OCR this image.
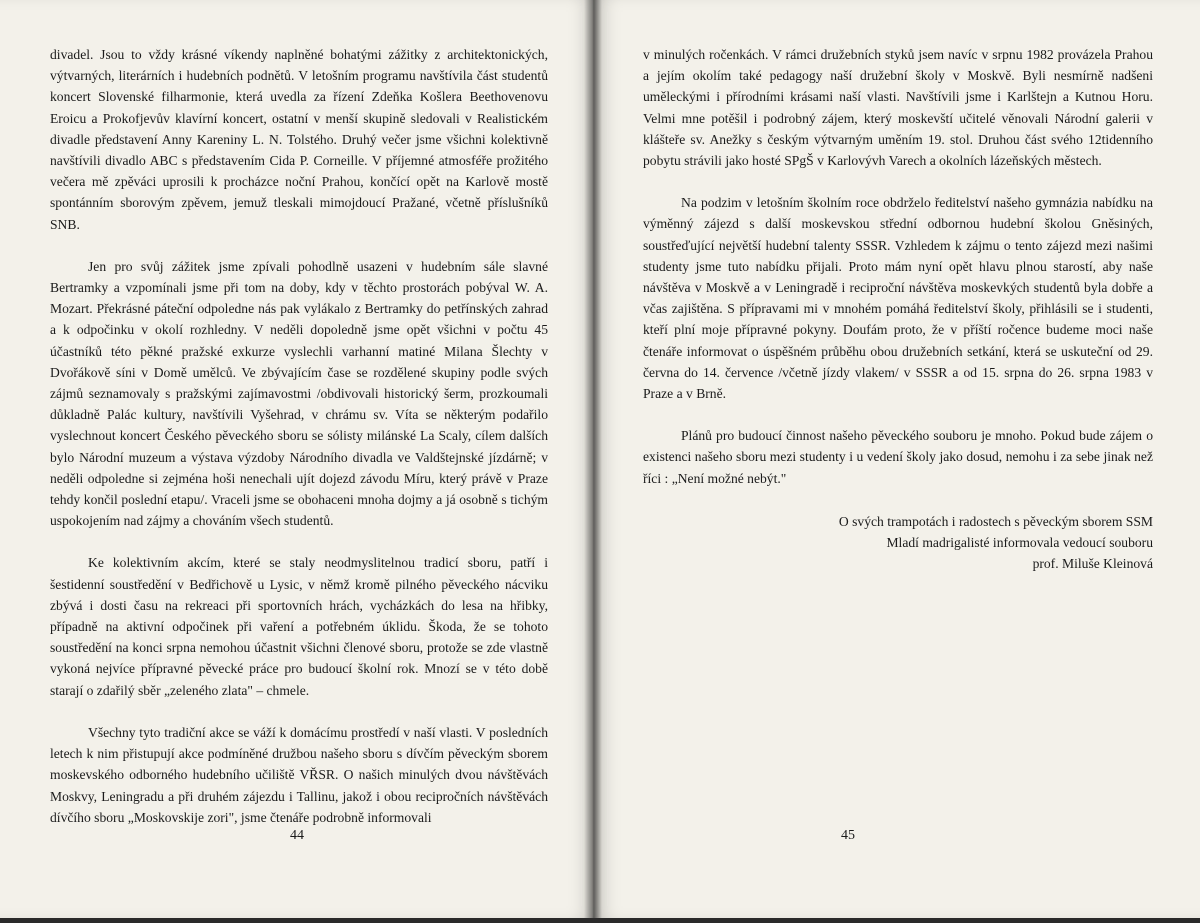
divadel. Jsou to vždy krásné víkendy naplněné bohatými zážitky z architektonických, výtvarných, literárních i hudebních podnětů. V letošním programu navštívila část studentů koncert Slovenské filharmonie, která uvedla za řízení Zdeňka Košlera Beethovenovu Eroicu a Prokofjevův klavírní koncert, ostatní v menší skupině sledovali v Realistickém divadle představení Anny Kareniny L. N. Tolstého. Druhý večer jsme všichni kolektivně navštívili divadlo ABC s představením Cida P. Corneille. V příjemné atmosféře prožitého večera mě zpěváci uprosili k procházce noční Prahou, končící opět na Karlově mostě spontánním sborovým zpěvem, jemuž tleskali mimojdoucí Pražané, včetně příslušníků SNB.

Jen pro svůj zážitek jsme zpívali pohodlně usazeni v hudebním sále slavné Bertramky a vzpomínali jsme při tom na doby, kdy v těchto prostorách pobýval W. A. Mozart. Překrásné páteční odpoledne nás pak vylákalo z Bertramky do petřínských zahrad a k odpočinku v okolí rozhledny. V neděli dopoledně jsme opět všichni v počtu 45 účastníků této pěkné pražské exkurze vyslechli varhanní matiné Milana Šlechty v Dvořákově síni v Domě umělců. Ve zbývajícím čase se rozdělené skupiny podle svých zájmů seznamovaly s pražskými zajímavostmi /obdivovali historický šerm, prozkoumali důkladně Palác kultury, navštívili Vyšehrad, v chrámu sv. Víta se některým podařilo vyslechnout koncert Českého pěveckého sboru se sólisty milánské La Scaly, cílem dalších bylo Národní muzeum a výstava výzdoby Národního divadla ve Valdštejnské jízdárně; v neděli odpoledne si zejména hoši nenechali ujít dojezd závodu Míru, který právě v Praze tehdy končil poslední etapu/. Vraceli jsme se obohaceni mnoha dojmy a já osobně s tichým uspokojením nad zájmy a chováním všech studentů.

Ke kolektivním akcím, které se staly neodmyslitelnou tradicí sboru, patří i šestidenní soustředění v Bedřichově u Lysic, v němž kromě pilného pěveckého nácviku zbývá i dosti času na rekreaci při sportovních hrách, vycházkách do lesa na hřibky, případně na aktivní odpočinek při vaření a potřebném úklidu. Škoda, že se tohoto soustředění na konci srpna nemohou účastnit všichni členové sboru, protože se zde vlastně vykoná nejvíce přípravné pěvecké práce pro budoucí školní rok. Mnozí se v této době starají o zdařilý sběr „zeleného zlata" – chmele.

Všechny tyto tradiční akce se váží k domácímu prostředí v naší vlasti. V posledních letech k nim přistupují akce podmíněné družbou našeho sboru s dívčím pěveckým sborem moskevského odborného hudebního učiliště VŘSR. O našich minulých dvou návštěvách Moskvy, Leningradu a při druhém zájezdu i Tallinu, jakož i obou recipročních návštěvách dívčího sboru „Moskovskije zori", jsme čtenáře podrobně informovali

44

v minulých ročenkách. V rámci družebních styků jsem navíc v srpnu 1982 provázela Prahou a jejím okolím také pedagogy naší družební školy v Moskvě. Byli nesmírně nadšeni uměleckými i přírodními krásami naší vlasti. Navštívili jsme i Karlštejn a Kutnou Horu. Velmi mne potěšil i podrobný zájem, který moskevští učitelé věnovali Národní galerii v klášteře sv. Anežky s českým výtvarným uměním 19. stol. Druhou část svého 12tidenního pobytu strávili jako hosté SPgŠ v Karlovývh Varech a okolních lázeňských městech.

Na podzim v letošním školním roce obdrželo ředitelství našeho gymnázia nabídku na výměnný zájezd s další moskevskou střední odbornou hudební školou Gněsiných, soustřeďující největší hudební talenty SSSR. Vzhledem k zájmu o tento zájezd mezi našimi studenty jsme tuto nabídku přijali. Proto mám nyní opět hlavu plnou starostí, aby naše návštěva v Moskvě a v Leningradě i reciproční návštěva moskevkých studentů byla dobře a včas zajištěna. S přípravami mi v mnohém pomáhá ředitelství školy, přihlásili se i studenti, kteří plní moje přípravné pokyny. Doufám proto, že v příští ročence budeme moci naše čtenáře informovat o úspěšném průběhu obou družebních setkání, která se uskuteční od 29. června do 14. července /včetně jízdy vlakem/ v SSSR a od 15. srpna do 26. srpna 1983 v Praze a v Brně.

Plánů pro budoucí činnost našeho pěveckého souboru je mnoho. Pokud bude zájem o existenci našeho sboru mezi studenty i u vedení školy jako dosud, nemohu i za sebe jinak než říci : „Není možné nebýt."

O svých trampotách i radostech s pěveckým sborem SSM
Mladí madrigalisté informovala vedoucí souboru
prof. Miluše Kleinová
45
